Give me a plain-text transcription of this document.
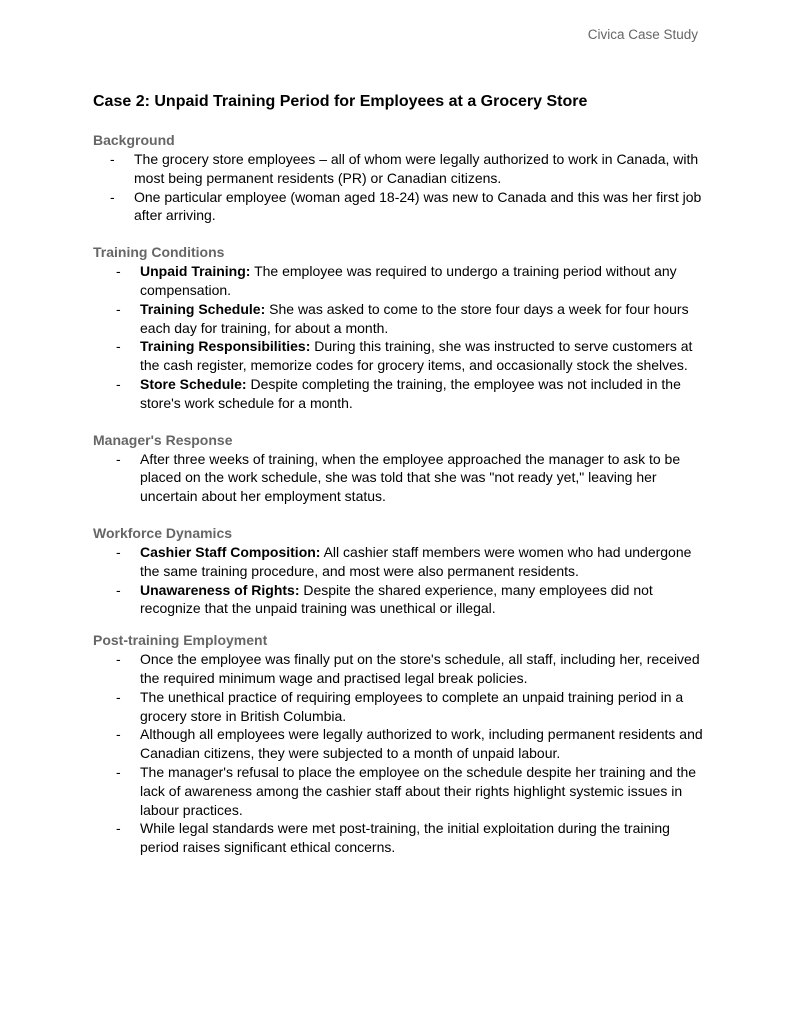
Civica Case Study
Case 2: Unpaid Training Period for Employees at a Grocery Store
Background
- The grocery store employees – all of whom were legally authorized to work in Canada, with most being permanent residents (PR) or Canadian citizens.
- One particular employee (woman aged 18-24) was new to Canada and this was her first job after arriving.
Training Conditions
- Unpaid Training: The employee was required to undergo a training period without any compensation.
- Training Schedule: She was asked to come to the store four days a week for four hours each day for training, for about a month.
- Training Responsibilities: During this training, she was instructed to serve customers at the cash register, memorize codes for grocery items, and occasionally stock the shelves.
- Store Schedule: Despite completing the training, the employee was not included in the store's work schedule for a month.
Manager's Response
- After three weeks of training, when the employee approached the manager to ask to be placed on the work schedule, she was told that she was "not ready yet," leaving her uncertain about her employment status.
Workforce Dynamics
- Cashier Staff Composition: All cashier staff members were women who had undergone the same training procedure, and most were also permanent residents.
- Unawareness of Rights: Despite the shared experience, many employees did not recognize that the unpaid training was unethical or illegal.
Post-training Employment
- Once the employee was finally put on the store's schedule, all staff, including her, received the required minimum wage and practised legal break policies.
- The unethical practice of requiring employees to complete an unpaid training period in a grocery store in British Columbia.
- Although all employees were legally authorized to work, including permanent residents and Canadian citizens, they were subjected to a month of unpaid labour.
- The manager's refusal to place the employee on the schedule despite her training and the lack of awareness among the cashier staff about their rights highlight systemic issues in labour practices.
- While legal standards were met post-training, the initial exploitation during the training period raises significant ethical concerns.
